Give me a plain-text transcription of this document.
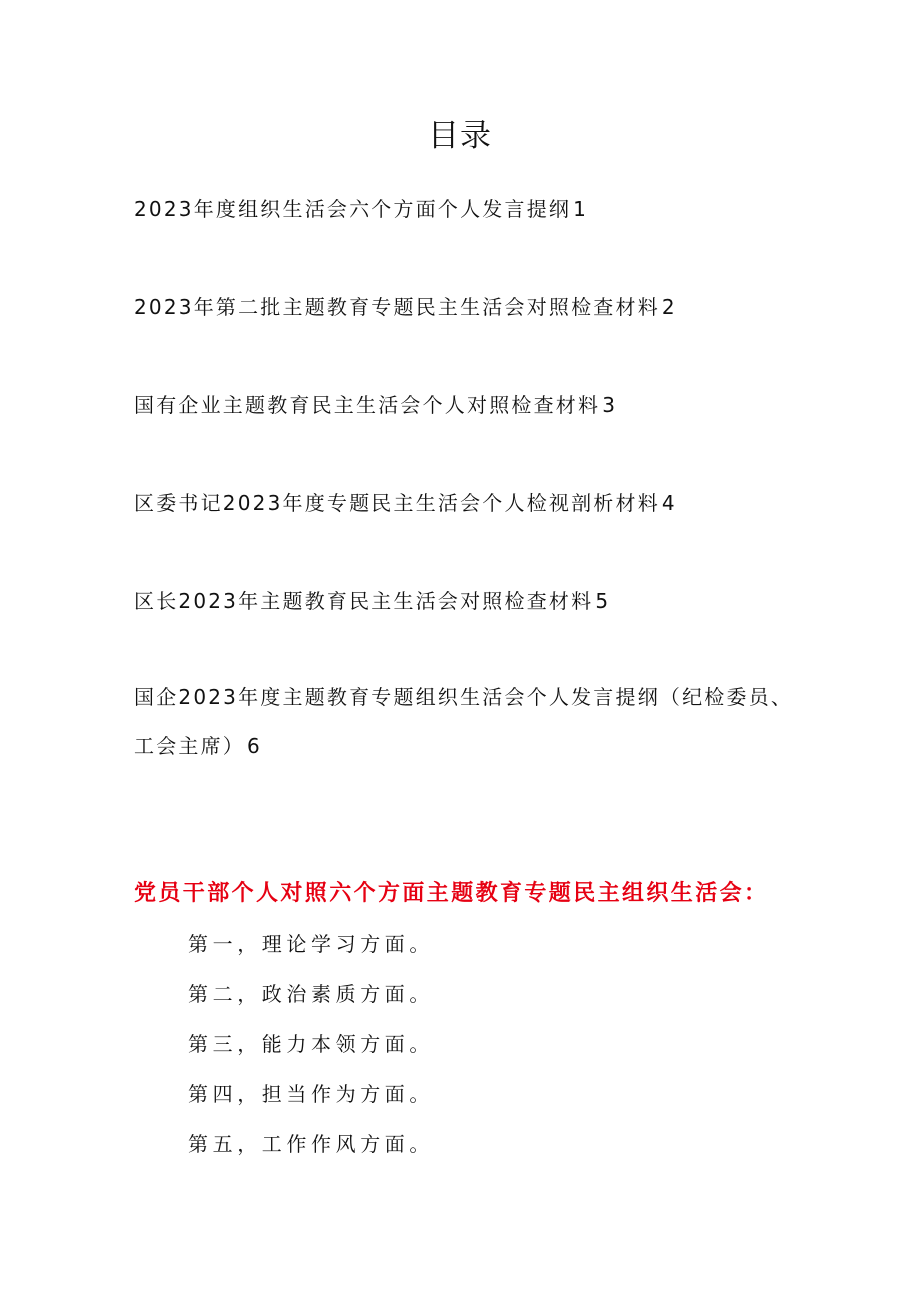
目录
2023年度组织生活会六个方面个人发言提纲 1
2023年第二批主题教育专题民主生活会对照检查材料 2
国有企业主题教育民主生活会个人对照检查材料 3
区委书记2023年度专题民主生活会个人检视剖析材料 4
区长2023年主题教育民主生活会对照检查材料 5
国企2023年度主题教育专题组织生活会个人发言提纲（纪检委员、
工会主席） 6
党员干部个人对照六个方面主题教育专题民主组织生活会：
第一，理论学习方面。
第二，政治素质方面。
第三，能力本领方面。
第四，担当作为方面。
第五，工作作风方面。
